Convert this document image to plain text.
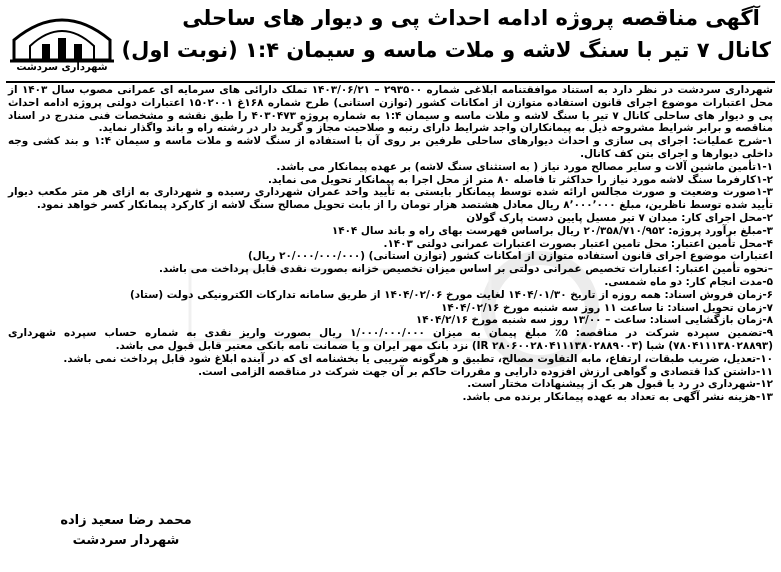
آگهی مناقصه پروژه ادامه احداث پی و دیوار های ساحلی
کانال ۷ تیر با سنگ لاشه و ملات ماسه و سیمان ۱:۴ (نوبت اول)
شهرداری سردشت

شهرداری سردشت در نظر دارد به استناد موافقتنامه ابلاغی شماره ۲۹۳۵۰۰ – ۱۴۰۳/۰۶/۲۱ تملک دارائی های سرمایه ای عمرانی مصوب سال ۱۴۰۳ از محل اعتبارات موضوع اجرای قانون استفاده متوازن از امکانات کشور (توازن استانی) طرح شماره ۱۶۸غ ۱۵۰۲۰۰۱ اعتبارات دولتی پروژه ادامه احداث پی و دیوار های ساحلی کانال ۷ تیر با سنگ لاشه و ملات ماسه و سیمان ۱:۴ به شماره پروژه ۴۰۳۰۴۷۳ را طبق نقشه و مشخصات فنی مندرج در اسناد مناقصه و برابر شرایط مشروحه ذیل به پیمانکاران واجد شرایط دارای رتبه و صلاحیت مجاز و گرید دار در رشته راه و باند واگذار نماید.

۱-شرح عملیات: اجرای پی سازی و احداث دیوارهای ساحلی طرفین بر روی آن با استفاده از سنگ لاشه و ملات ماسه و سیمان ۱:۴ و بند کشی وجه داخلی دیوارها و اجرای بتن کف کانال.

۱-۱تأمین ماشین آلات و سایر مصالح مورد نیاز ( به استثنای سنگ لاشه) بر عهده پیمانکار می باشد.

۱-۲کارفرما سنگ لاشه مورد نیاز را حداکثر تا فاصله ۸۰ متر از محل اجرا به پیمانکار تحویل می نماید.

۱-۳صورت وضعیت و صورت مجالس ارائه شده توسط پیمانکار بایستی به تأیید واحد عمران شهرداری رسیده و شهرداری به ازای هر متر مکعب دیوار تأیید شده توسط ناظرین، مبلغ ۸٬۰۰۰٬۰۰۰ ریال معادل هشتصد هزار تومان را از بابت تحویل مصالح سنگ لاشه از کارکرد پیمانکار کسر خواهد نمود.

۲-محل اجرای کار: میدان ۷ تیر مسیل پایین دست پارک گولان

۳-مبلغ برآورد پروژه: ۲۰/۳۵۸/۷۱۰/۹۵۲ ریال براساس فهرست بهای راه و باند سال ۱۴۰۴

۴-محل تأمین اعتبار: محل تامین اعتبار بصورت اعتبارات عمرانی دولتی ۱۴۰۳.

اعتبارات موضوع اجرای قانون استفاده متوازن از امکانات کشور (توازن استانی) (۲۰/۰۰۰/۰۰۰/۰۰۰ ریال)

–نحوه تأمین اعتبار: اعتبارات تخصیص عمرانی دولتی بر اساس میزان تخصیص خزانه بصورت نقدی قابل پرداخت می باشد.

۵-مدت انجام کار: دو ماه شمسی.

۶-زمان فروش اسناد: همه روزه از تاریخ ۱۴۰۴/۰۱/۳۰ لغایت مورخ ۱۴۰۴/۰۲/۰۶ از طریق سامانه تدارکات الکترونیکی دولت (ستاد)

۷-زمان تحویل اسناد: تا ساعت ۱۱ روز سه شنبه مورخ ۱۴۰۴/۰۲/۱۶

۸-زمان بازگشایی اسناد: ساعت – ۱۳/۰۰ روز سه شنبه مورخ ۱۴۰۴/۲/۱۶

۹-تضمین سپرده شرکت در مناقصه: ۵٪ مبلغ پیمان به میزان ۱/۰۰۰/۰۰۰/۰۰۰ ریال بصورت واریز نقدی به شماره حساب سپرده شهرداری (۷۸۰۴۱۱۱۳۸۰۲۸۸۹۳) شبا (IR ۲۸۰۶۰۰۲۸۰۴۱۱۱۳۸۰۲۸۸۹۰۰۳) نزد بانک مهر ایران و یا ضمانت نامه بانکی معتبر قابل قبول می باشد.

۱۰-تعدیل، ضریب طبقات، ارتفاع، مابه التفاوت مصالح، تطبیق و هرگونه ضریبی یا بخشنامه ای که در آینده ابلاغ شود قابل پرداخت نمی باشد.

۱۱-داشتن کدا قتصادی و گواهی ارزش افزوده دارایی و مقررات حاکم بر آن جهت شرکت در مناقصه الزامی است.

۱۲-شهرداری در رد یا قبول هر یک از پیشنهادات مختار است.

۱۳-هزینه نشر آگهی به تعداد به عهده پیمانکار برنده می باشد.

محمد رضا سعید زاده
شهردار سردشت
